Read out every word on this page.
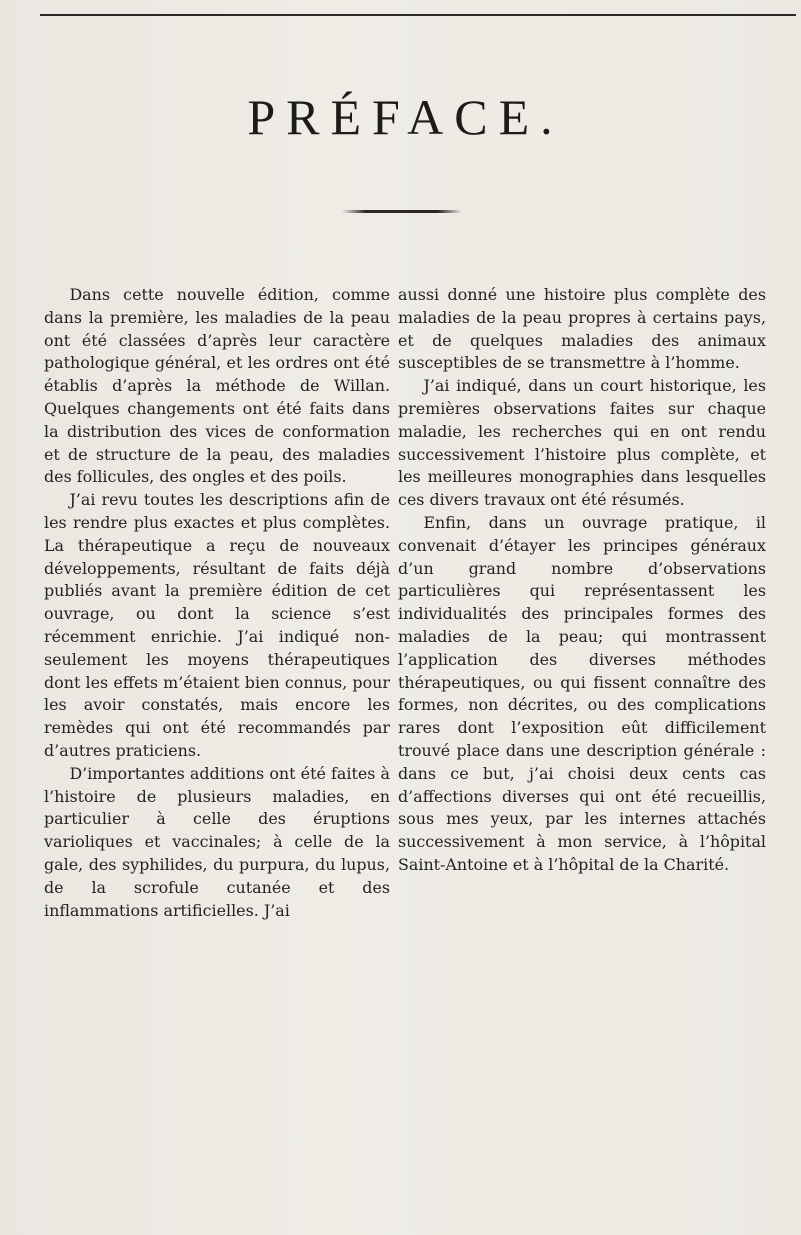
PRÉFACE.

Dans cette nouvelle édition, comme dans la première, les maladies de la peau ont été classées d’après leur caractère pathologique général, et les ordres ont été établis d’après la méthode de Willan. Quelques changements ont été faits dans la distribution des vices de conformation et de structure de la peau, des maladies des follicules, des ongles et des poils.

J’ai revu toutes les descriptions afin de les rendre plus exactes et plus complètes. La thérapeutique a reçu de nouveaux développements, résultant de faits déjà publiés avant la première édition de cet ouvrage, ou dont la science s’est récemment enrichie. J’ai indiqué non-seulement les moyens thérapeutiques dont les effets m’étaient bien connus, pour les avoir constatés, mais encore les remèdes qui ont été recommandés par d’autres praticiens.

D’importantes additions ont été faites à l’histoire de plusieurs maladies, en particulier à celle des éruptions varioliques et vaccinales; à celle de la gale, des syphilides, du purpura, du lupus, de la scrofule cutanée et des inflammations artificielles. J’ai

aussi donné une histoire plus complète des maladies de la peau propres à certains pays, et de quelques maladies des animaux susceptibles de se transmettre à l’homme.

J’ai indiqué, dans un court historique, les premières observations faites sur chaque maladie, les recherches qui en ont rendu successivement l’histoire plus complète, et les meilleures monographies dans lesquelles ces divers travaux ont été résumés.

Enfin, dans un ouvrage pratique, il convenait d’étayer les principes généraux d’un grand nombre d’observations particulières qui représentassent les individualités des principales formes des maladies de la peau; qui montrassent l’application des diverses méthodes thérapeutiques, ou qui fissent connaître des formes, non décrites, ou des complications rares dont l’exposition eût difficilement trouvé place dans une description générale : dans ce but, j’ai choisi deux cents cas d’affections diverses qui ont été recueillis, sous mes yeux, par les internes attachés successivement à mon service, à l’hôpital Saint-Antoine et à l’hôpital de la Charité.
